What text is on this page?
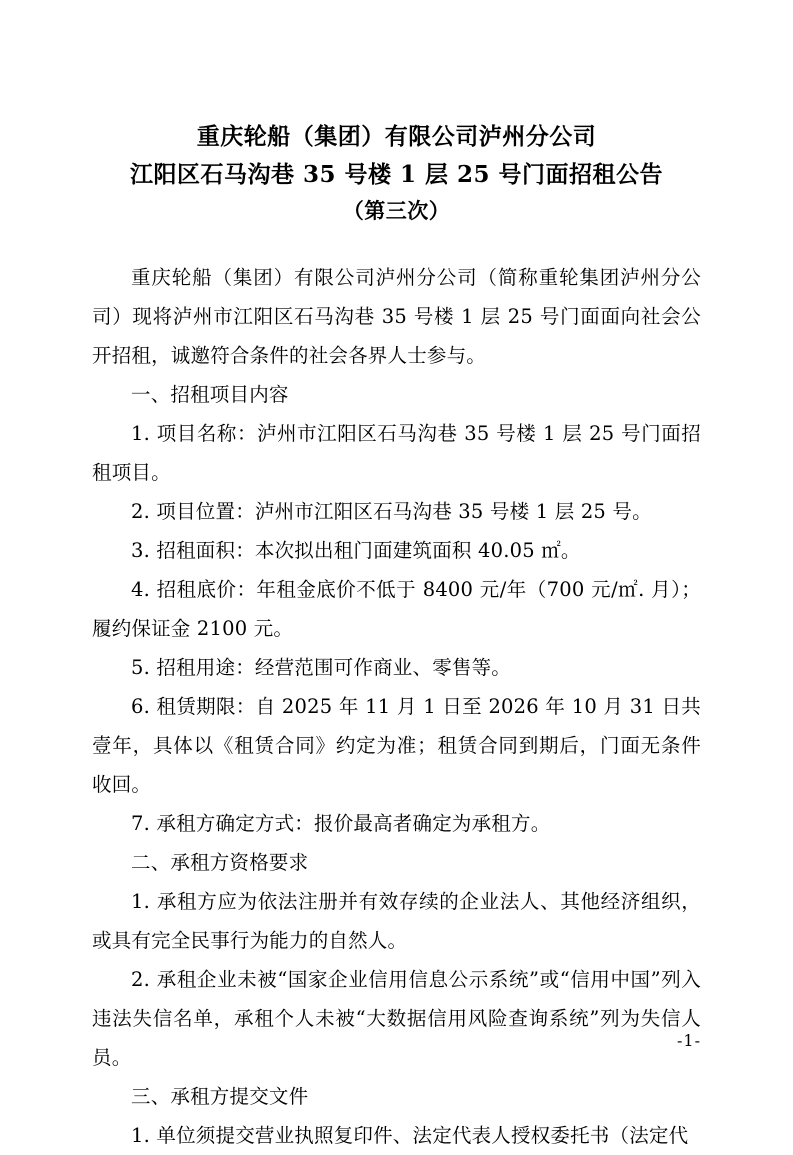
重庆轮船（集团）有限公司泸州分公司
江阳区石马沟巷 35 号楼 1 层 25 号门面招租公告
（第三次）

重庆轮船（集团）有限公司泸州分公司（简称重轮集团泸州分公司）现将泸州市江阳区石马沟巷 35 号楼 1 层 25 号门面面向社会公开招租，诚邀符合条件的社会各界人士参与。

一、招租项目内容

1. 项目名称：泸州市江阳区石马沟巷 35 号楼 1 层 25 号门面招租项目。

2. 项目位置：泸州市江阳区石马沟巷 35 号楼 1 层 25 号。

3. 招租面积：本次拟出租门面建筑面积 40.05 ㎡。

4. 招租底价：年租金底价不低于 8400 元/年（700 元/㎡. 月）；履约保证金 2100 元。

5. 招租用途：经营范围可作商业、零售等。

6. 租赁期限：自 2025 年 11 月 1 日至 2026 年 10 月 31 日共壹年，具体以《租赁合同》约定为准；租赁合同到期后，门面无条件收回。

7. 承租方确定方式：报价最高者确定为承租方。

二、承租方资格要求

1. 承租方应为依法注册并有效存续的企业法人、其他经济组织，或具有完全民事行为能力的自然人。

2. 承租企业未被“国家企业信用信息公示系统”或“信用中国”列入违法失信名单，承租个人未被“大数据信用风险查询系统”列为失信人员。

三、承租方提交文件

1. 单位须提交营业执照复印件、法定代表人授权委托书（法定代

-1-
